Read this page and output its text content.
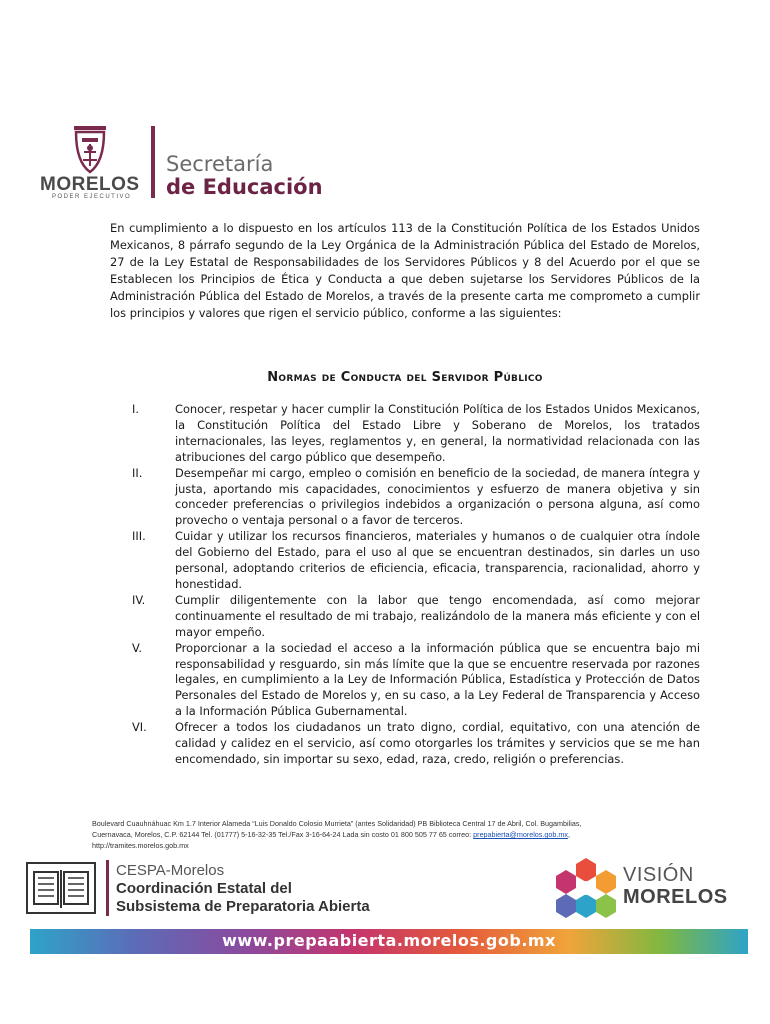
MORELOS
PODER EJECUTIVO
Secretaría
de Educación

En cumplimiento a lo dispuesto en los artículos 113 de la Constitución Política de los Estados Unidos Mexicanos, 8 párrafo segundo de la Ley Orgánica de la Administración Pública del Estado de Morelos, 27 de la Ley Estatal de Responsabilidades de los Servidores Públicos y 8 del Acuerdo por el que se Establecen los Principios de Ética y Conducta a que deben sujetarse los Servidores Públicos de la Administración Pública del Estado de Morelos, a través de la presente carta me comprometo a cumplir los principios y valores que rigen el servicio público, conforme a las siguientes:

Normas de Conducta del Servidor Público
I.	Conocer, respetar y hacer cumplir la Constitución Política de los Estados Unidos Mexicanos, la Constitución Política del Estado Libre y Soberano de Morelos, los tratados internacionales, las leyes, reglamentos y, en general, la normatividad relacionada con las atribuciones del cargo público que desempeño.
II.	Desempeñar mi cargo, empleo o comisión en beneficio de la sociedad, de manera íntegra y justa, aportando mis capacidades, conocimientos y esfuerzo de manera objetiva y sin conceder preferencias o privilegios indebidos a organización o persona alguna, así como provecho o ventaja personal o a favor de terceros.
III.	Cuidar y utilizar los recursos financieros, materiales y humanos o de cualquier otra índole del Gobierno del Estado, para el uso al que se encuentran destinados, sin darles un uso personal, adoptando criterios de eficiencia, eficacia, transparencia, racionalidad, ahorro y honestidad.
IV.	Cumplir diligentemente con la labor que tengo encomendada, así como mejorar continuamente el resultado de mi trabajo, realizándolo de la manera más eficiente y con el mayor empeño.
V.	Proporcionar a la sociedad el acceso a la información pública que se encuentra bajo mi responsabilidad y resguardo, sin más límite que la que se encuentre reservada por razones legales, en cumplimiento a la Ley de Información Pública, Estadística y Protección de Datos Personales del Estado de Morelos y, en su caso, a la Ley Federal de Transparencia y Acceso a la Información Pública Gubernamental.
VI. Ofrecer a todos los ciudadanos un trato digno, cordial, equitativo, con una atención de calidad y calidez en el servicio, así como otorgarles los trámites y servicios que se me han encomendado, sin importar su sexo, edad, raza, credo, religión o preferencias.
Boulevard Cuauhnáhuac Km 1.7 Interior Alameda “Luis Donaldo Colosio Murrieta” (antes Solidaridad) PB Biblioteca Central 17 de Abril, Col. Bugambilias,
Cuernavaca, Morelos, C.P. 62144 Tel. (01777) 5-16-32-35 Tel./Fax 3-16-64-24 Lada sin costo 01 800 505 77 65 correo: prepabierta@morelos.gob.mx,
http://tramites.morelos.gob.mx
CESPA-Morelos
Coordinación Estatal del
Subsistema de Preparatoria Abierta
VISIÓN
MORELOS
www.prepaabierta.morelos.gob.mx
